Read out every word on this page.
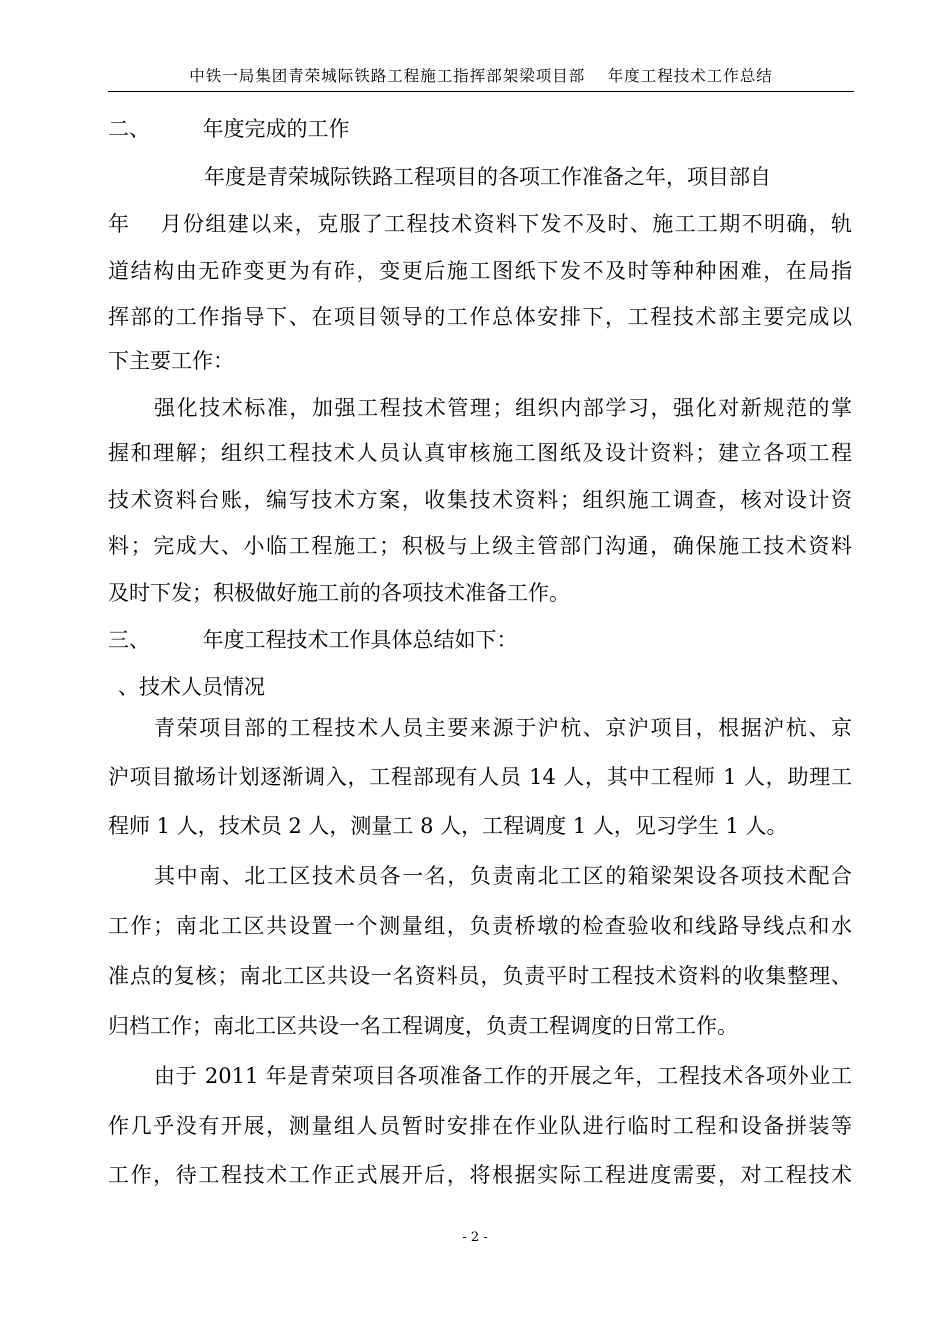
中铁一局集团青荣城际铁路工程施工指挥部架梁项目部　 年度工程技术工作总结
二、　　　年度完成的工作
年度是青荣城际铁路工程项目的各项工作准备之年，项目部自
年　 月份组建以来，克服了工程技术资料下发不及时、施工工期不明确，轨
道结构由无砟变更为有砟，变更后施工图纸下发不及时等种种困难，在局指
挥部的工作指导下、在项目领导的工作总体安排下，工程技术部主要完成以
下主要工作：
强化技术标准，加强工程技术管理；组织内部学习，强化对新规范的掌
握和理解；组织工程技术人员认真审核施工图纸及设计资料；建立各项工程
技术资料台账，编写技术方案，收集技术资料；组织施工调查，核对设计资
料；完成大、小临工程施工；积极与上级主管部门沟通，确保施工技术资料
及时下发；积极做好施工前的各项技术准备工作。
三、　　　年度工程技术工作具体总结如下：
、技术人员情况
青荣项目部的工程技术人员主要来源于沪杭、京沪项目，根据沪杭、京
沪项目撤场计划逐渐调入，工程部现有人员 14 人，其中工程师 1 人，助理工
程师 1 人，技术员 2 人，测量工 8 人，工程调度 1 人，见习学生 1 人。
其中南、北工区技术员各一名，负责南北工区的箱梁架设各项技术配合
工作；南北工区共设置一个测量组，负责桥墩的检查验收和线路导线点和水
准点的复核；南北工区共设一名资料员，负责平时工程技术资料的收集整理、
归档工作；南北工区共设一名工程调度，负责工程调度的日常工作。
由于 2011 年是青荣项目各项准备工作的开展之年，工程技术各项外业工
作几乎没有开展，测量组人员暂时安排在作业队进行临时工程和设备拼装等
工作，待工程技术工作正式展开后，将根据实际工程进度需要，对工程技术
- 2 -
